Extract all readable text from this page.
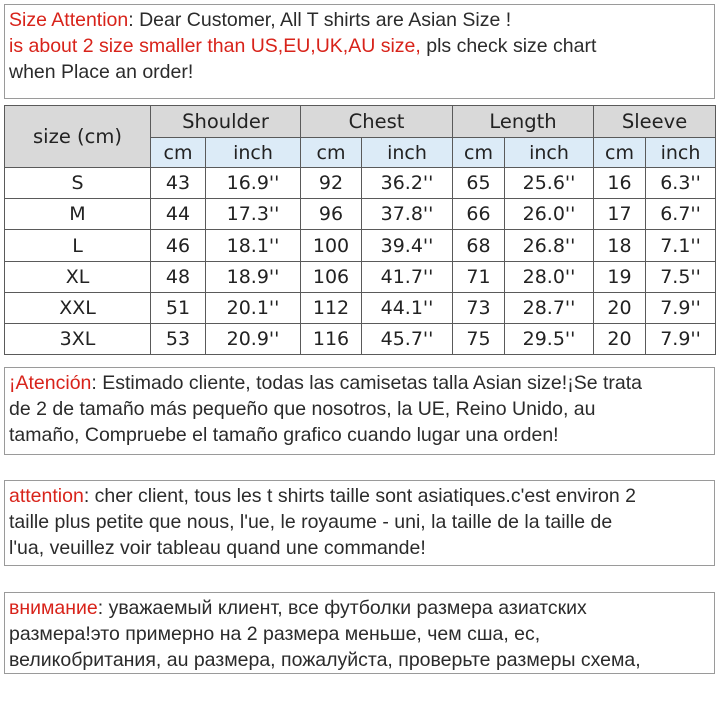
Size Attention: Dear Customer, All T shirts are Asian Size !
is about 2 size smaller than US,EU,UK,AU size, pls check size chart
when Place an order!
size (cm)	Shoulder		Chest		Length		Sleeve	
	cm	inch	cm	inch	cm	inch	cm	inch
S	43	16.9''	92	36.2''	65	25.6''	16	6.3''
M	44	17.3''	96	37.8''	66	26.0''	17	6.7''
L	46	18.1''	100	39.4''	68	26.8''	18	7.1''
XL	48	18.9''	106	41.7''	71	28.0''	19	7.5''
XXL	51	20.1''	112	44.1''	73	28.7''	20	7.9''
3XL	53	20.9''	116	45.7''	75	29.5''	20	7.9''
¡Atención: Estimado cliente, todas las camisetas talla Asian size!¡Se trata
de 2 de tamaño más pequeño que nosotros, la UE, Reino Unido, au
tamaño, Compruebe el tamaño grafico cuando lugar una orden!
attention: cher client, tous les t shirts taille sont asiatiques.c'est environ 2
taille plus petite que nous, l'ue, le royaume - uni, la taille de la taille de
l'ua, veuillez voir tableau quand une commande!
внимание: уважаемый клиент, все футболки размера азиатских
размера!это примерно на 2 размера меньше, чем сша, ес,
великобритания, au размера, пожалуйста, проверьте размеры схема,
